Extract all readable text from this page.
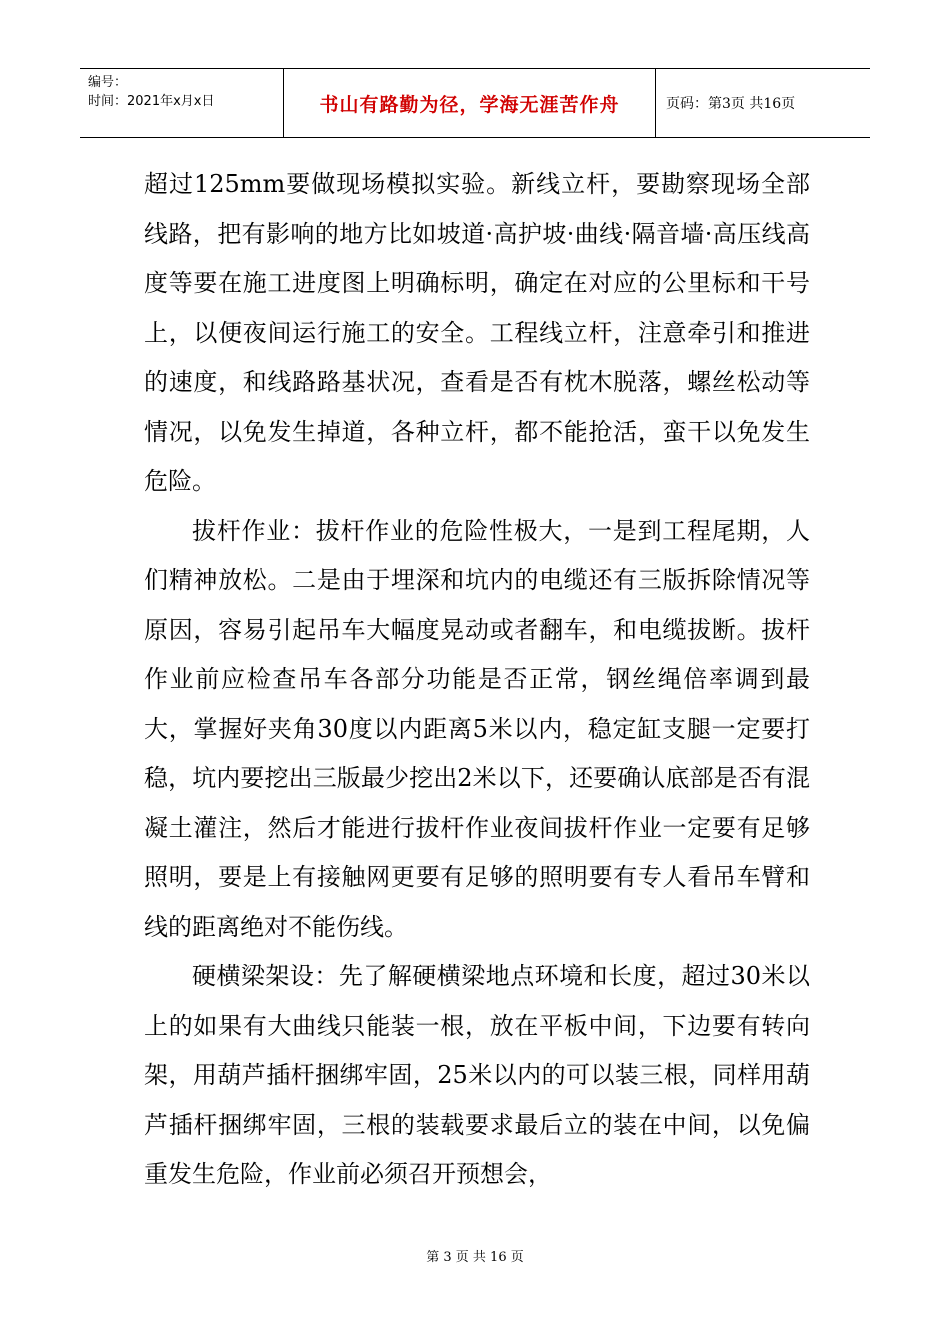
编号：
时间：2021年x月x日	书山有路勤为径，学海无涯苦作舟	页码：第3页 共16页

超过125mm要做现场模拟实验。新线立杆，要勘察现场全部线路，把有影响的地方比如坡道·高护坡·曲线·隔音墙·高压线高度等要在施工进度图上明确标明，确定在对应的公里标和干号上，以便夜间运行施工的安全。工程线立杆，注意牵引和推进的速度，和线路路基状况，查看是否有枕木脱落，螺丝松动等情况，以免发生掉道，各种立杆，都不能抢活，蛮干以免发生危险。

拔杆作业：拔杆作业的危险性极大，一是到工程尾期，人们精神放松。二是由于埋深和坑内的电缆还有三版拆除情况等原因，容易引起吊车大幅度晃动或者翻车，和电缆拔断。拔杆作业前应检查吊车各部分功能是否正常，钢丝绳倍率调到最大，掌握好夹角30度以内距离5米以内，稳定缸支腿一定要打稳，坑内要挖出三版最少挖出2米以下，还要确认底部是否有混凝土灌注，然后才能进行拔杆作业夜间拔杆作业一定要有足够照明，要是上有接触网更要有足够的照明要有专人看吊车臂和线的距离绝对不能伤线。

硬横梁架设：先了解硬横梁地点环境和长度，超过30米以上的如果有大曲线只能装一根，放在平板中间，下边要有转向架，用葫芦插杆捆绑牢固，25米以内的可以装三根，同样用葫芦插杆捆绑牢固，三根的装载要求最后立的装在中间，以免偏重发生危险，作业前必须召开预想会，

第 3 页 共 16 页
